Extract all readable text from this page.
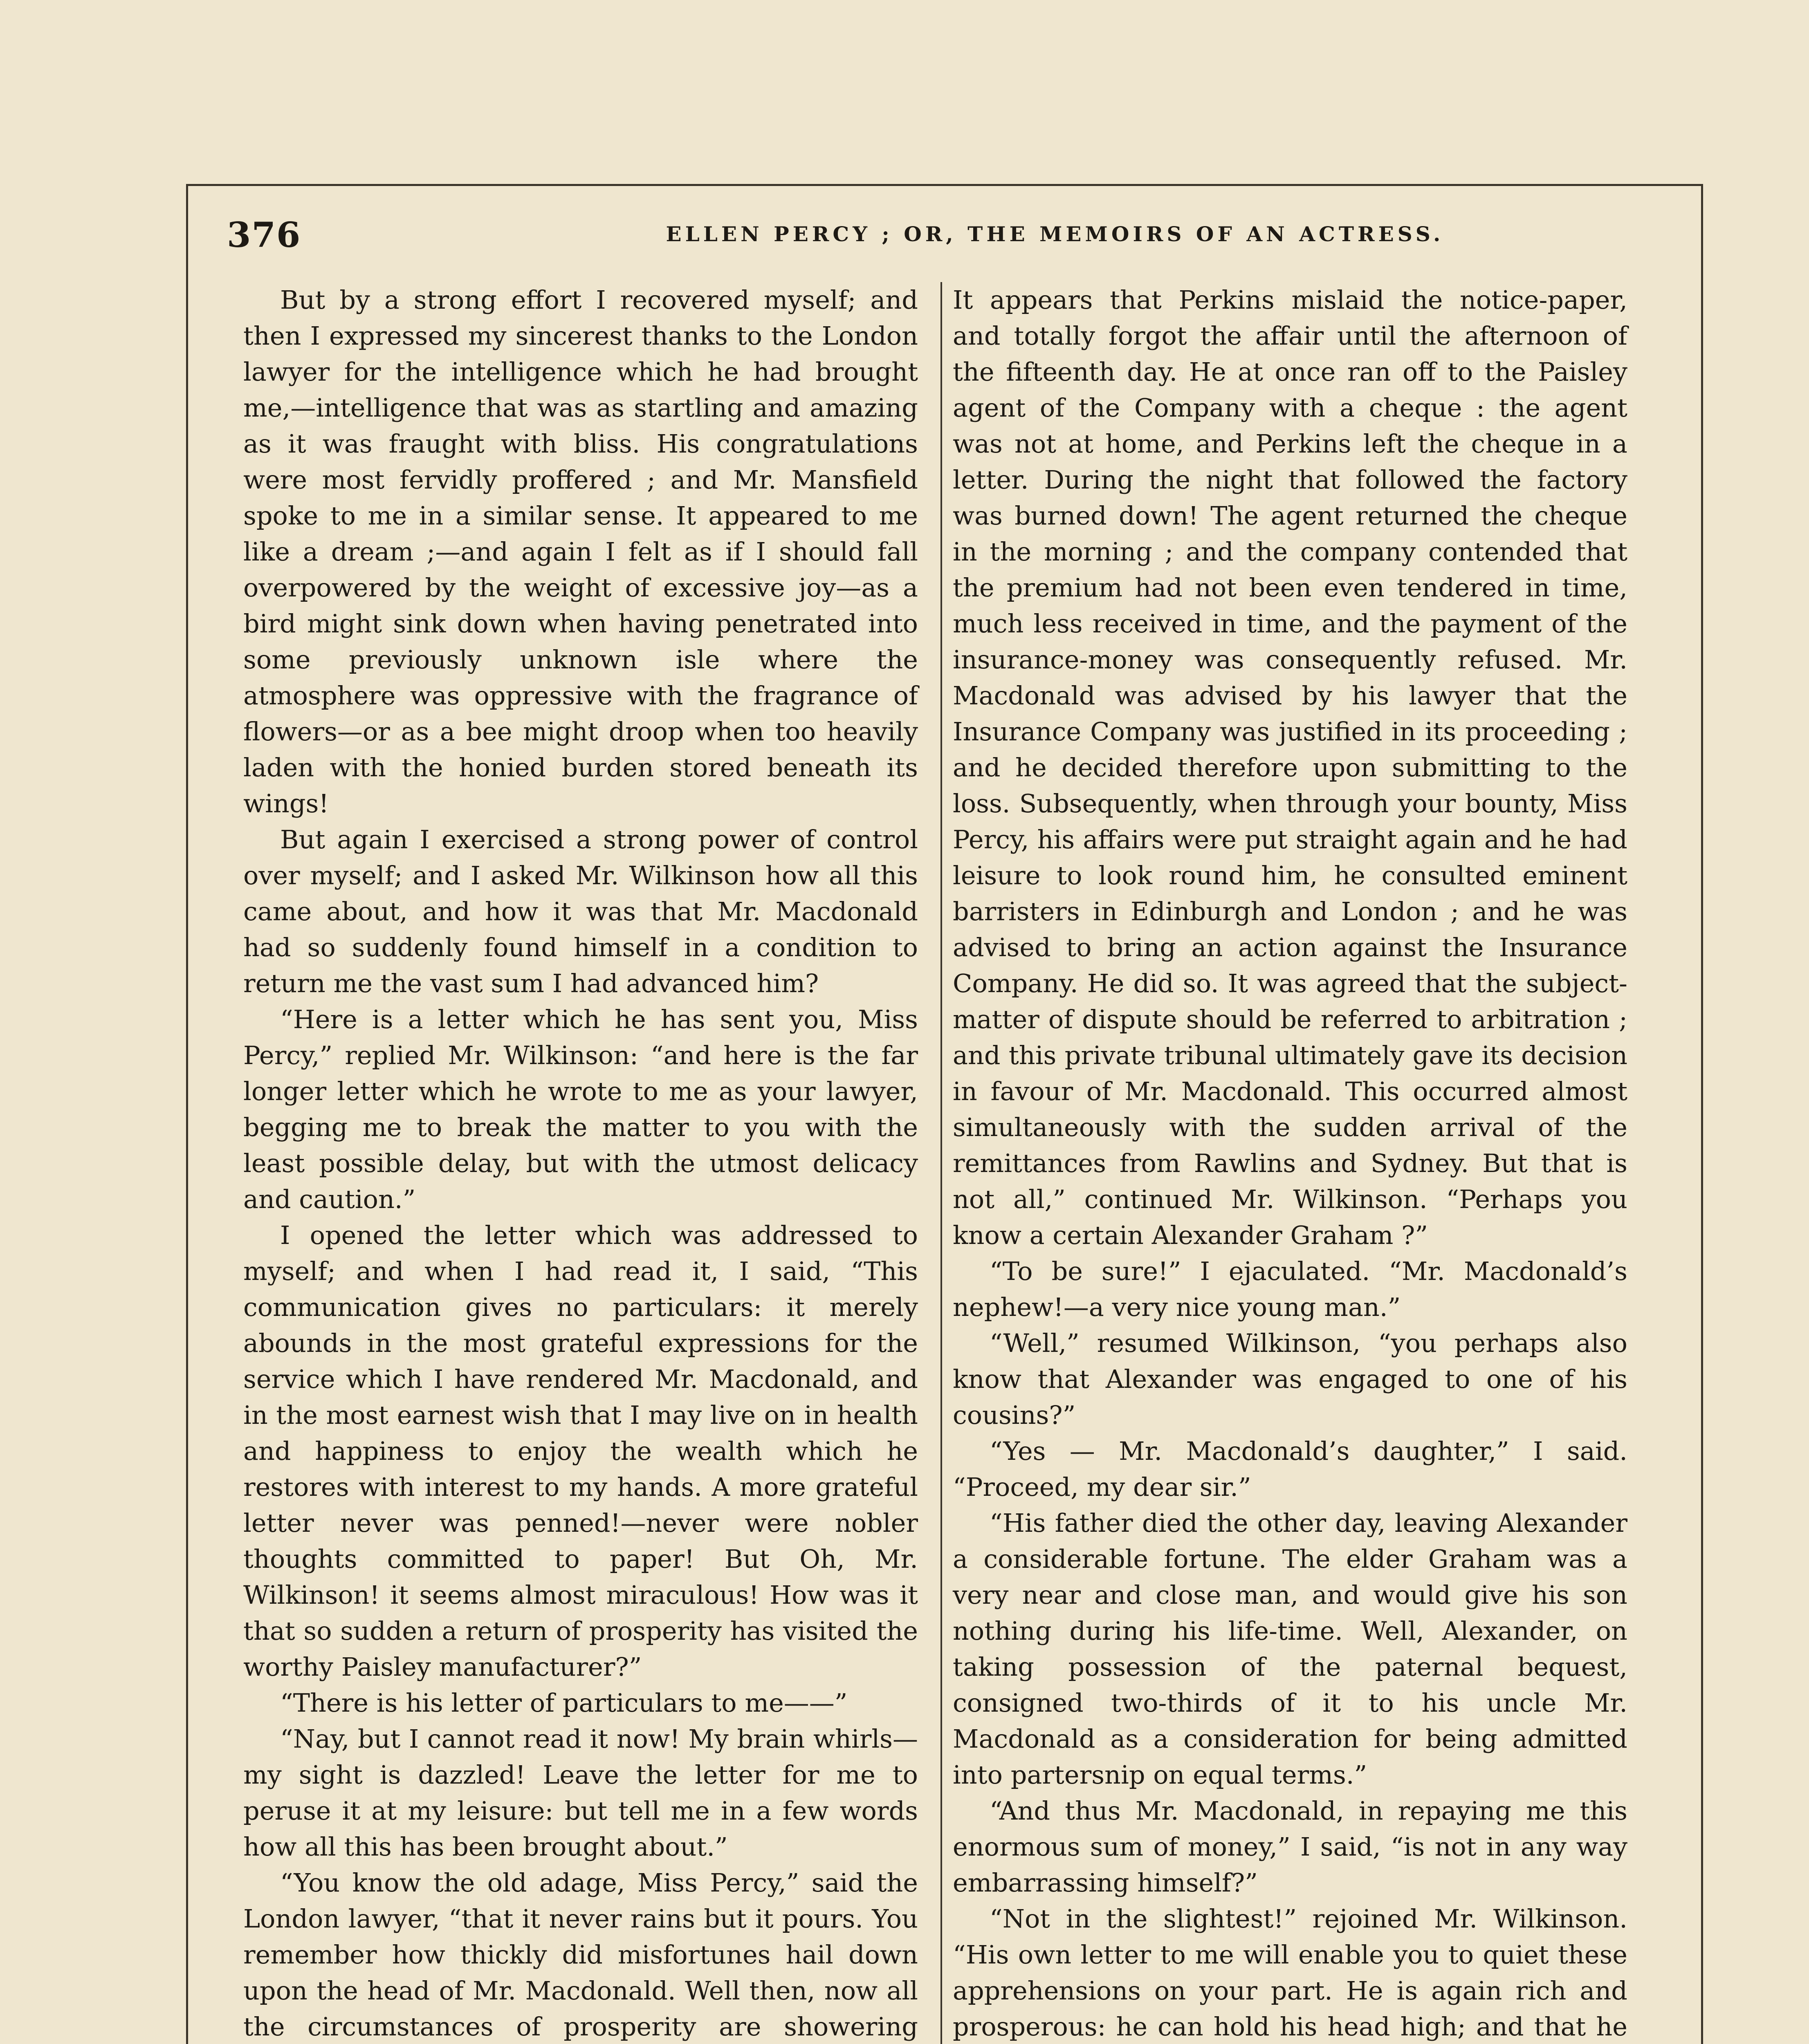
376	ELLEN PERCY ; OR, THE MEMOIRS OF AN ACTRESS.

But by a strong effort I recovered myself; and then I expressed my sincerest thanks to the London lawyer for the intelligence which he had brought me,—intelligence that was as startling and amazing as it was fraught with bliss. His congratulations were most fervidly proffered ; and Mr. Mansfield spoke to me in a similar sense. It appeared to me like a dream ;—and again I felt as if I should fall overpowered by the weight of excessive joy—as a bird might sink down when having penetrated into some previously unknown isle where the atmosphere was oppressive with the fragrance of flowers—or as a bee might droop when too heavily laden with the honied burden stored beneath its wings!

But again I exercised a strong power of control over myself; and I asked Mr. Wilkinson how all this came about, and how it was that Mr. Macdonald had so suddenly found himself in a condition to return me the vast sum I had advanced him?

“Here is a letter which he has sent you, Miss Percy,” replied Mr. Wilkinson: “and here is the far longer letter which he wrote to me as your lawyer, begging me to break the matter to you with the least possible delay, but with the utmost delicacy and caution.”

I opened the letter which was addressed to myself; and when I had read it, I said, “This communication gives no particulars: it merely abounds in the most grateful expressions for the service which I have rendered Mr. Macdonald, and in the most earnest wish that I may live on in health and happiness to enjoy the wealth which he restores with interest to my hands. A more grateful letter never was penned!—never were nobler thoughts committed to paper! But Oh, Mr. Wilkinson! it seems almost miraculous! How was it that so sudden a return of prosperity has visited the worthy Paisley manufacturer?”

“There is his letter of particulars to me——”

“Nay, but I cannot read it now! My brain whirls—my sight is dazzled! Leave the letter for me to peruse it at my leisure: but tell me in a few words how all this has been brought about.”

“You know the old adage, Miss Percy,” said the London lawyer, “that it never rains but it pours. You remember how thickly did misfortunes hail down upon the head of Mr. Macdonald. Well then, now all the circumstances of prosperity are showering

It appears that Perkins mislaid the notice-paper, and totally forgot the affair until the afternoon of the fifteenth day. He at once ran off to the Paisley agent of the Company with a cheque : the agent was not at home, and Perkins left the cheque in a letter. During the night that followed the factory was burned down! The agent returned the cheque in the morning ; and the company contended that the premium had not been even tendered in time, much less received in time, and the payment of the insurance-money was consequently refused. Mr. Macdonald was advised by his lawyer that the Insurance Company was justified in its proceeding ; and he decided therefore upon submitting to the loss. Subsequently, when through your bounty, Miss Percy, his affairs were put straight again and he had leisure to look round him, he consulted eminent barristers in Edinburgh and London ; and he was advised to bring an action against the Insurance Company. He did so. It was agreed that the subject-matter of dispute should be referred to arbitration ; and this private tribunal ultimately gave its decision in favour of Mr. Macdonald. This occurred almost simultaneously with the sudden arrival of the remittances from Rawlins and Sydney. But that is not all,” continued Mr. Wilkinson. “Perhaps you know a certain Alexander Graham ?”

“To be sure!” I ejaculated. “Mr. Macdonald’s nephew!—a very nice young man.”

“Well,” resumed Wilkinson, “you perhaps also know that Alexander was engaged to one of his cousins?”

“Yes — Mr. Macdonald’s daughter,” I said. “Proceed, my dear sir.”

“His father died the other day, leaving Alexander a considerable fortune. The elder Graham was a very near and close man, and would give his son nothing during his life-time. Well, Alexander, on taking possession of the paternal bequest, consigned two-thirds of it to his uncle Mr. Macdonald as a consideration for being admitted into partersnip on equal terms.”

“And thus Mr. Macdonald, in repaying me this enormous sum of money,” I said, “is not in any way embarrassing himself?”

“Not in the slightest!” rejoined Mr. Wilkinson. “His own letter to me will enable you to quiet these apprehensions on your part. He is again rich and prosperous: he can hold his head high; and that he
